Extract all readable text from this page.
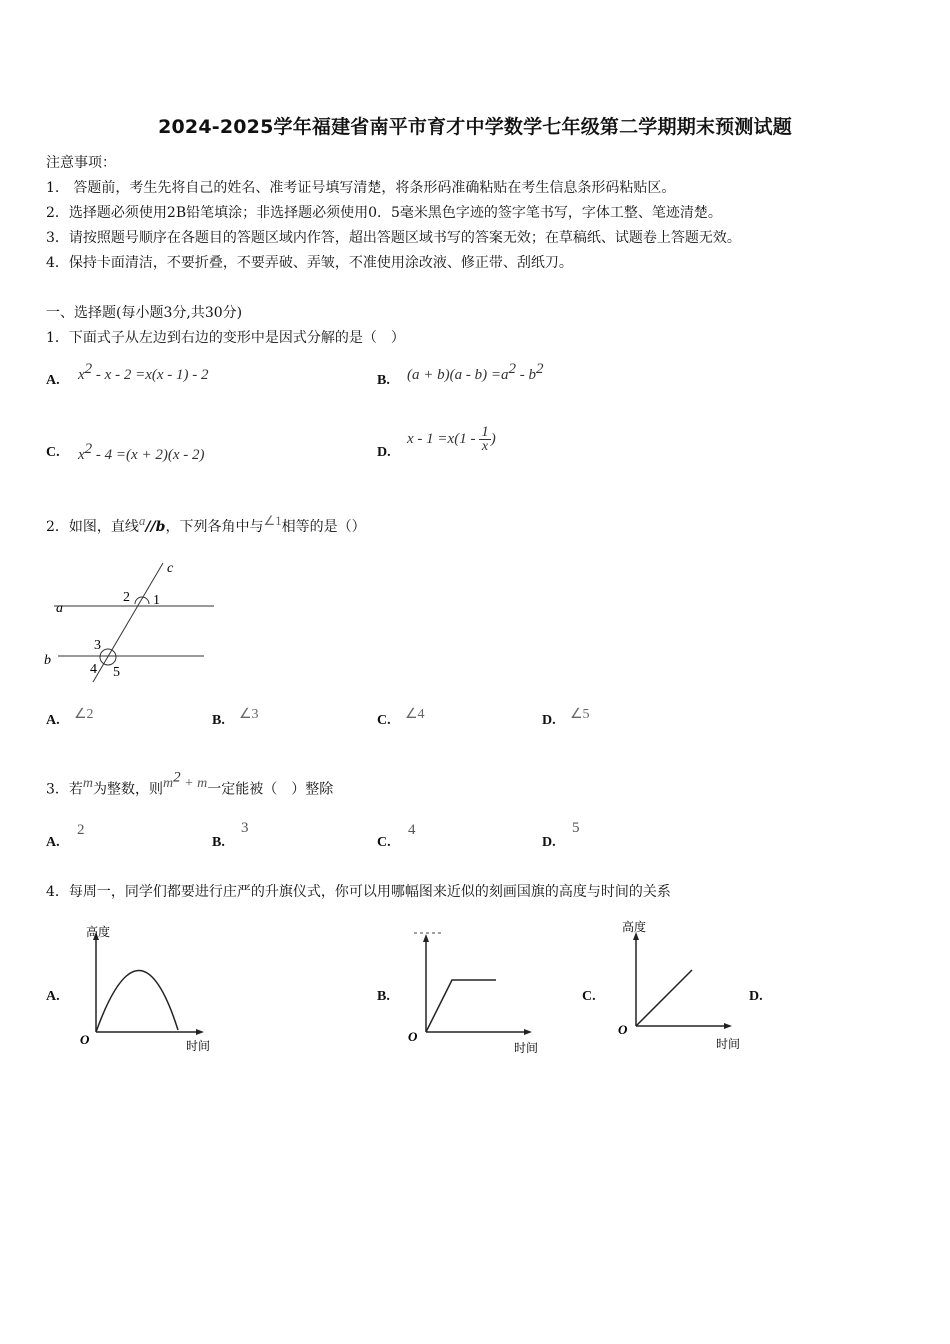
2024-2025学年福建省南平市育才中学数学七年级第二学期期末预测试题
注意事项：
1.　答题前，考生先将自己的姓名、准考证号填写清楚，将条形码准确粘贴在考生信息条形码粘贴区。
2．选择题必须使用2B铅笔填涂；非选择题必须使用0．5毫米黑色字迹的签字笔书写，字体工整、笔迹清楚。
3．请按照题号顺序在各题目的答题区域内作答，超出答题区域书写的答案无效；在草稿纸、试题卷上答题无效。
4．保持卡面清洁，不要折叠，不要弄破、弄皱，不准使用涂改液、修正带、刮纸刀。
一、选择题(每小题3分,共30分)
1．下面式子从左边到右边的变形中是因式分解的是（　）
A. $x^2 - x - 2 =x(x - 1) - 2$	B. $(a + b)(a - b) =a^2 - b^2$
C. $x^2 - 4 =(x + 2)(x - 2)$	D.
$x - 1 =x(1 - \frac{1}{x}$ )
2．如图，直线a//b，下列各角中与∠1相等的是（）
c
a
b
2 1
3
4 5
A. ∠2	B. ∠3	C. ∠4	D. ∠5
3．若m为整数，则$m^2 + m$一定能被（　）整除
A.
2
B.
3
C.
4
D.
5
4．每周一，同学们都要进行庄严的升旗仪式，你可以用哪幅图来近似的刻画国旗的高度与时间的关系
A.
高度
O	时间
B.
O
时间
C.
高度
O
时间
D.
